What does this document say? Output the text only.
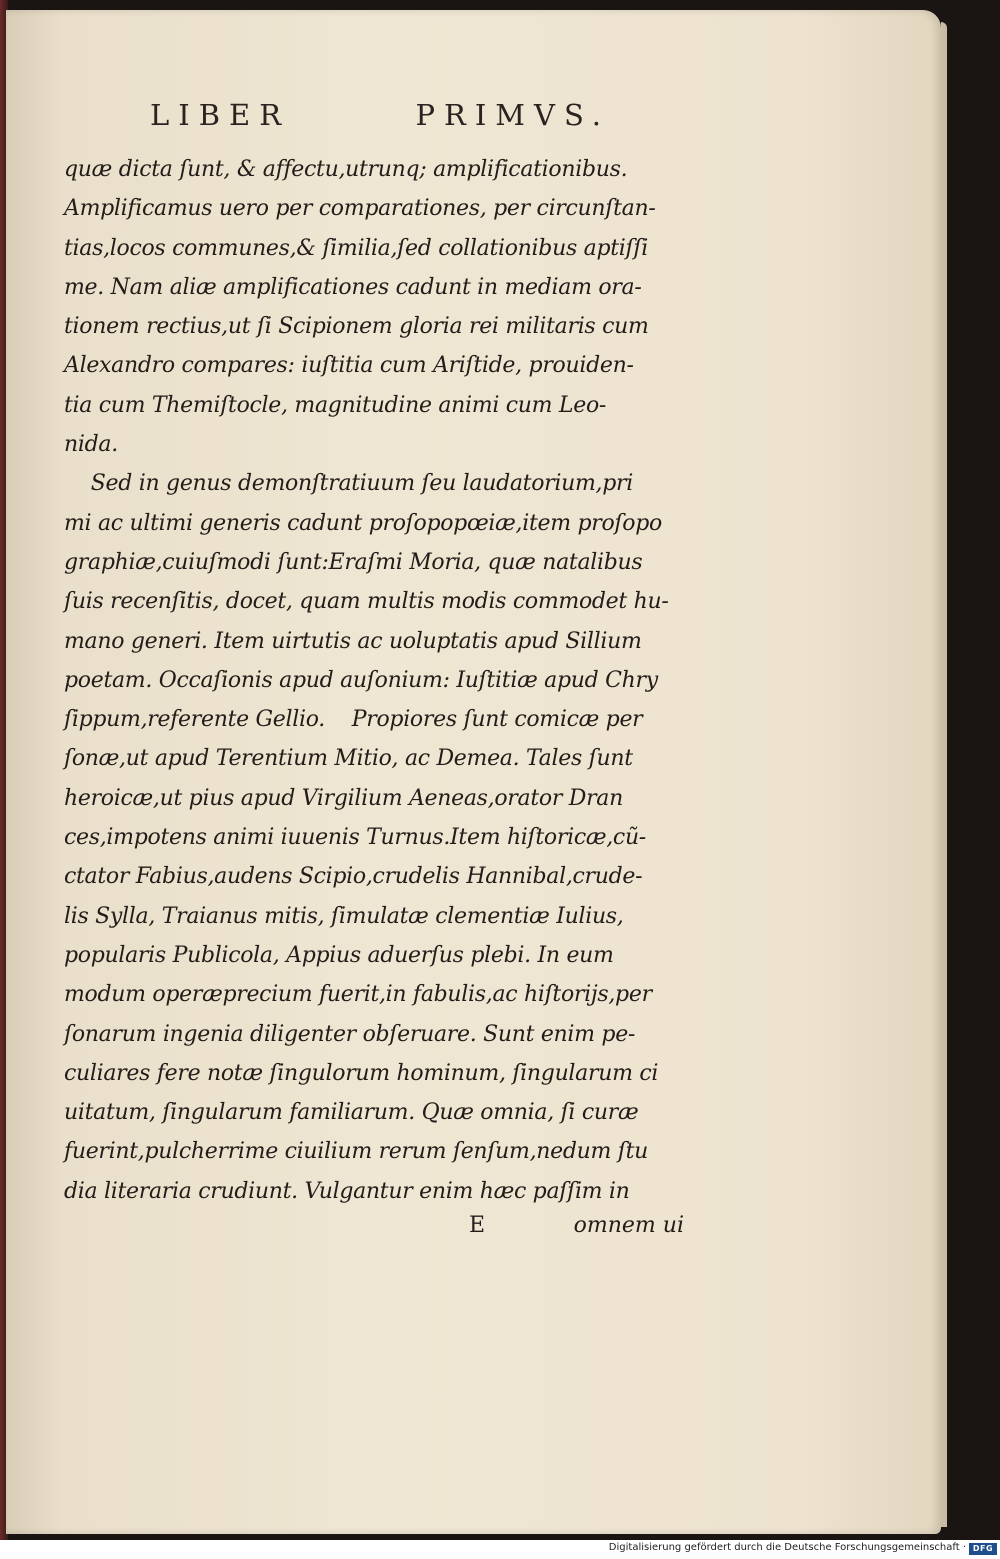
LIBER	PRIMVS.
quæ dicta ſunt, & affectu,utrunq; amplificationibus.
Amplificamus uero per comparationes, per circunſtan-
tias,locos communes,& ſimilia,ſed collationibus aptiſſi
me. Nam aliæ amplificationes cadunt in mediam ora-
tionem rectius,ut ſi Scipionem gloria rei militaris cum
Alexandro compares: iuſtitia cum Ariſtide, prouiden-
tia cum Themiſtocle, magnitudine animi cum Leo-
nida.
Sed in genus demonſtratiuum ſeu laudatorium,pri
mi ac ultimi generis cadunt proſopopœiæ,item proſopo
graphiæ,cuiuſmodi ſunt:Eraſmi Moria, quæ natalibus
ſuis recenſitis, docet, quam multis modis commodet hu-
mano generi. Item uirtutis ac uoluptatis apud Sillium
poetam. Occaſionis apud auſonium: Iuſtitiæ apud Chry
ſippum,referente Gellio.    Propiores ſunt comicæ per
ſonæ,ut apud Terentium Mitio, ac Demea. Tales ſunt
heroicæ,ut pius apud Virgilium Aeneas,orator Dran
ces,impotens animi iuuenis Turnus.Item hiſtoricæ,cũ-
ctator Fabius,audens Scipio,crudelis Hannibal,crude-
lis Sylla, Traianus mitis, ſimulatæ clementiæ Iulius,
popularis Publicola, Appius aduerſus plebi. In eum
modum operæprecium fuerit,in fabulis,ac hiſtorijs,per
ſonarum ingenia diligenter obſeruare. Sunt enim pe-
culiares fere notæ ſingulorum hominum, ſingularum ci
uitatum, ſingularum familiarum. Quæ omnia, ſi curæ
fuerint,pulcherrime ciuilium rerum ſenſum,nedum ſtu
dia literaria crudiunt. Vulgantur enim hæc paſſim in
E	omnem ui
Digitalisierung gefördert durch die Deutsche Forschungsgemeinschaft · DFG
